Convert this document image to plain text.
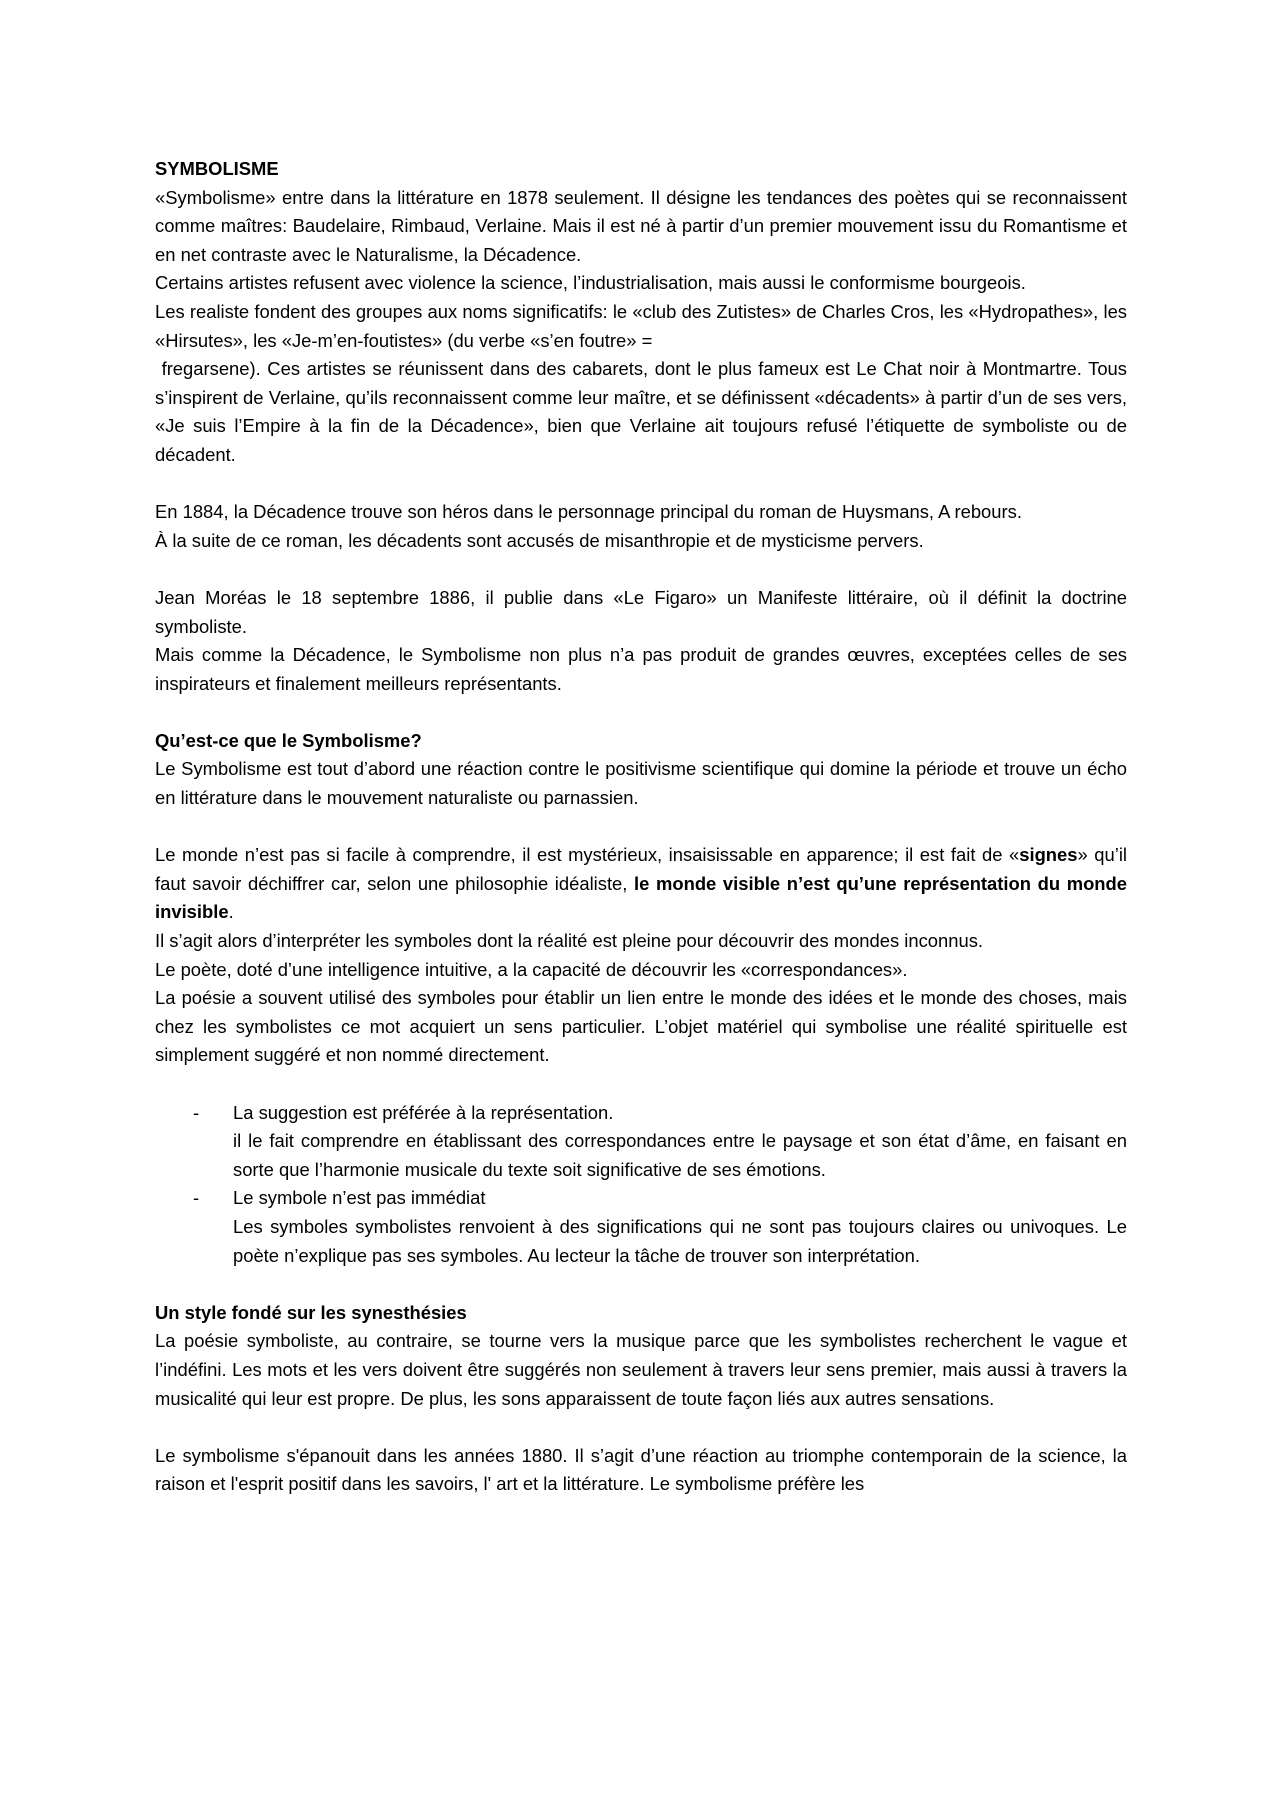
SYMBOLISME

«Symbolisme» entre dans la littérature en 1878 seulement. Il désigne les tendances des poètes qui se reconnaissent comme maîtres: Baudelaire, Rimbaud, Verlaine. Mais il est né à partir d’un premier mouvement issu du Romantisme et en net contraste avec le Naturalisme, la Décadence.

Certains artistes refusent avec violence la science, l’industrialisation, mais aussi le conformisme bourgeois.

Les realiste fondent des groupes aux noms significatifs: le «club des Zutistes» de Charles Cros, les «Hydropathes», les «Hirsutes», les «Je-m’en-foutistes» (du verbe «s’en foutre» =

fregarsene). Ces artistes se réunissent dans des cabarets, dont le plus fameux est Le Chat noir à Montmartre. Tous s’inspirent de Verlaine, qu’ils reconnaissent comme leur maître, et se définissent «décadents» à partir d’un de ses vers, «Je suis l’Empire à la fin de la Décadence», bien que Verlaine ait toujours refusé l’étiquette de symboliste ou de décadent.

En 1884, la Décadence trouve son héros dans le personnage principal du roman de Huysmans, A rebours.

À la suite de ce roman, les décadents sont accusés de misanthropie et de mysticisme pervers.

Jean Moréas le 18 septembre 1886, il publie dans «Le Figaro» un Manifeste littéraire, où il définit la doctrine symboliste.

Mais comme la Décadence, le Symbolisme non plus n’a pas produit de grandes œuvres, exceptées celles de ses inspirateurs et finalement meilleurs représentants.

Qu’est-ce que le Symbolisme?

Le Symbolisme est tout d’abord une réaction contre le positivisme scientifique qui domine la période et trouve un écho en littérature dans le mouvement naturaliste ou parnassien.

Le monde n’est pas si facile à comprendre, il est mystérieux, insaisissable en apparence; il est fait de «signes» qu’il faut savoir déchiffrer car, selon une philosophie idéaliste, le monde visible n’est qu’une représentation du monde invisible.

Il s’agit alors d’interpréter les symboles dont la réalité est pleine pour découvrir des mondes inconnus.

Le poète, doté d’une intelligence intuitive, a la capacité de découvrir les «correspondances».

La poésie a souvent utilisé des symboles pour établir un lien entre le monde des idées et le monde des choses, mais chez les symbolistes ce mot acquiert un sens particulier. L’objet matériel qui symbolise une réalité spirituelle est simplement suggéré et non nommé directement.

- La suggestion est préférée à la représentation.

il le fait comprendre en établissant des correspondances entre le paysage et son état d’âme, en faisant en sorte que l’harmonie musicale du texte soit significative de ses émotions.

- Le symbole n’est pas immédiat

Les symboles symbolistes renvoient à des significations qui ne sont pas toujours claires ou univoques. Le poète n’explique pas ses symboles. Au lecteur la tâche de trouver son interprétation.

Un style fondé sur les synesthésies

La poésie symboliste, au contraire, se tourne vers la musique parce que les symbolistes recherchent le vague et l’indéfini. Les mots et les vers doivent être suggérés non seulement à travers leur sens premier, mais aussi à travers la musicalité qui leur est propre. De plus, les sons apparaissent de toute façon liés aux autres sensations.

Le symbolisme s'épanouit dans les années 1880. Il s’agit d’une réaction au triomphe contemporain de la science, la raison et l'esprit positif dans les savoirs, l' art et la littérature. Le symbolisme préfère les
